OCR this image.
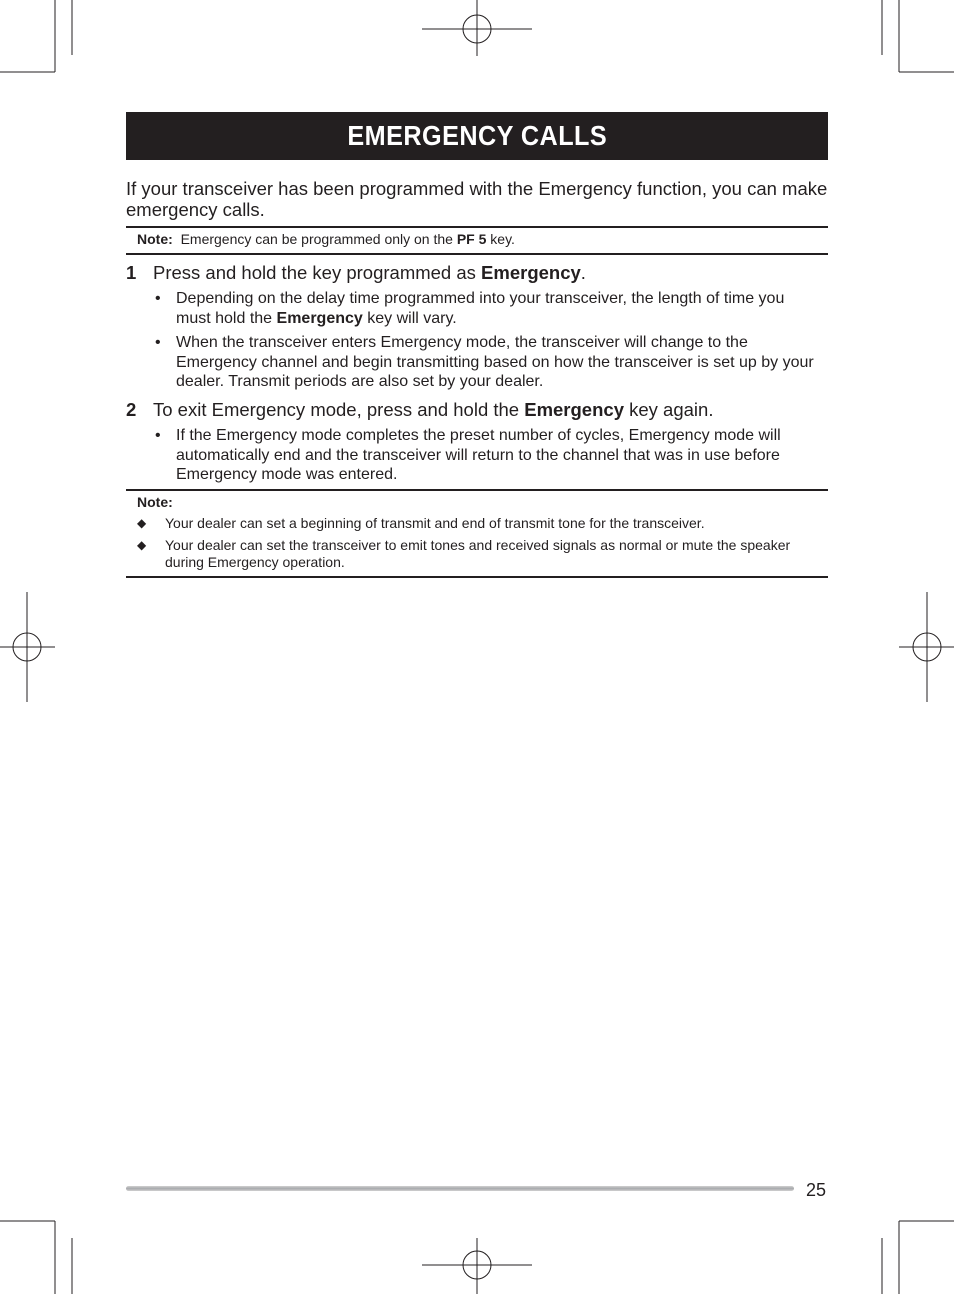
EMERGENCY CALLS

If your transceiver has been programmed with the Emergency function, you can make emergency calls.

Note: Emergency can be programmed only on the PF 5 key.

1 Press and hold the key programmed as Emergency.

• Depending on the delay time programmed into your transceiver, the length of time you must hold the Emergency key will vary.
• When the transceiver enters Emergency mode, the transceiver will change to the Emergency channel and begin transmitting based on how the transceiver is set up by your dealer. Transmit periods are also set by your dealer.

2 To exit Emergency mode, press and hold the Emergency key again.

• If the Emergency mode completes the preset number of cycles, Emergency mode will automatically end and the transceiver will return to the channel that was in use before Emergency mode was entered.

Note:

◆ Your dealer can set a beginning of transmit and end of transmit tone for the transceiver.
◆ Your dealer can set the transceiver to emit tones and received signals as normal or mute the speaker during Emergency operation.

25
